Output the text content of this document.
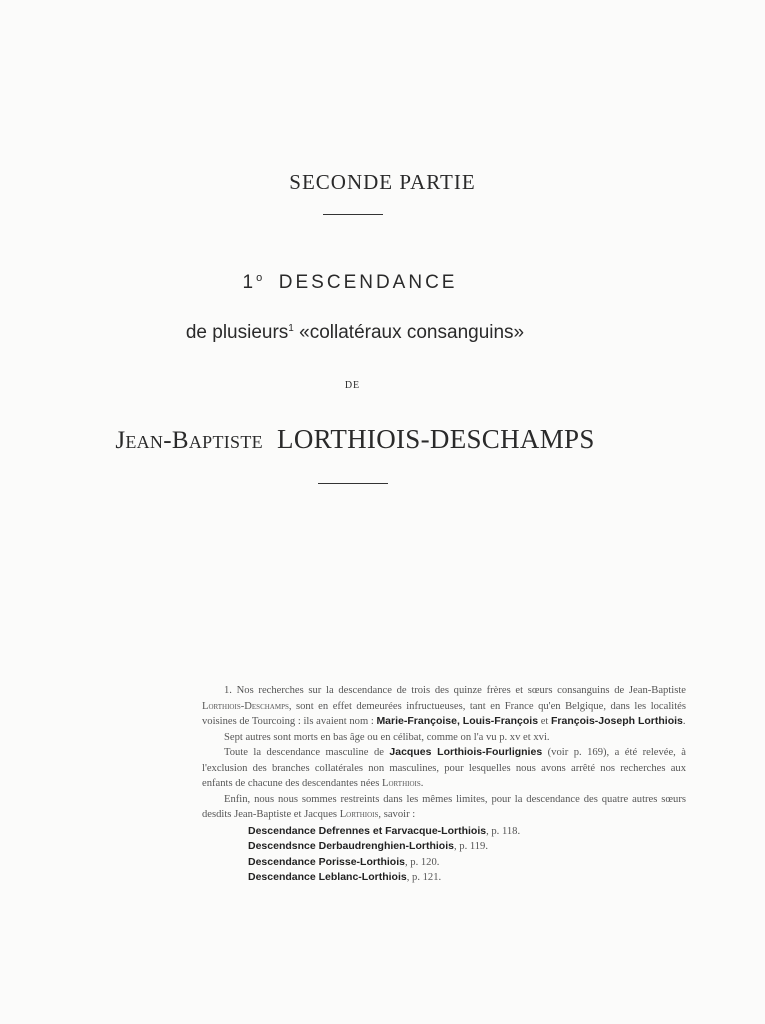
SECONDE PARTIE
1$^o$ DESCENDANCE
de plusieurs$^1$ «collatéraux consanguins»
DE
Jean-Baptiste LORTHIOIS-DESCHAMPS

1. Nos recherches sur la descendance de trois des quinze frères et sœurs consanguins de Jean-Baptiste Lorthiois-Deschamps, sont en effet demeurées infructueuses, tant en France qu'en Belgique, dans les localités voisines de Tourcoing : ils avaient nom : Marie-Françoise, Louis-François et François-Joseph Lorthiois.

Sept autres sont morts en bas âge ou en célibat, comme on l'a vu p. xv et xvi.

Toute la descendance masculine de Jacques Lorthiois-Fourlignies (voir p. 169), a été relevée, à l'exclusion des branches collatérales non masculines, pour lesquelles nous avons arrêté nos recherches aux enfants de chacune des descendantes nées Lorthiois.

Enfin, nous nous sommes restreints dans les mêmes limites, pour la descendance des quatre autres sœurs desdits Jean-Baptiste et Jacques Lorthiois, savoir :

Descendance Defrennes et Farvacque-Lorthiois, p. 118.
Descendsnce Derbaudrenghien-Lorthiois, p. 119.
Descendance Porisse-Lorthiois, p. 120.
Descendance Leblanc-Lorthiois, p. 121.
